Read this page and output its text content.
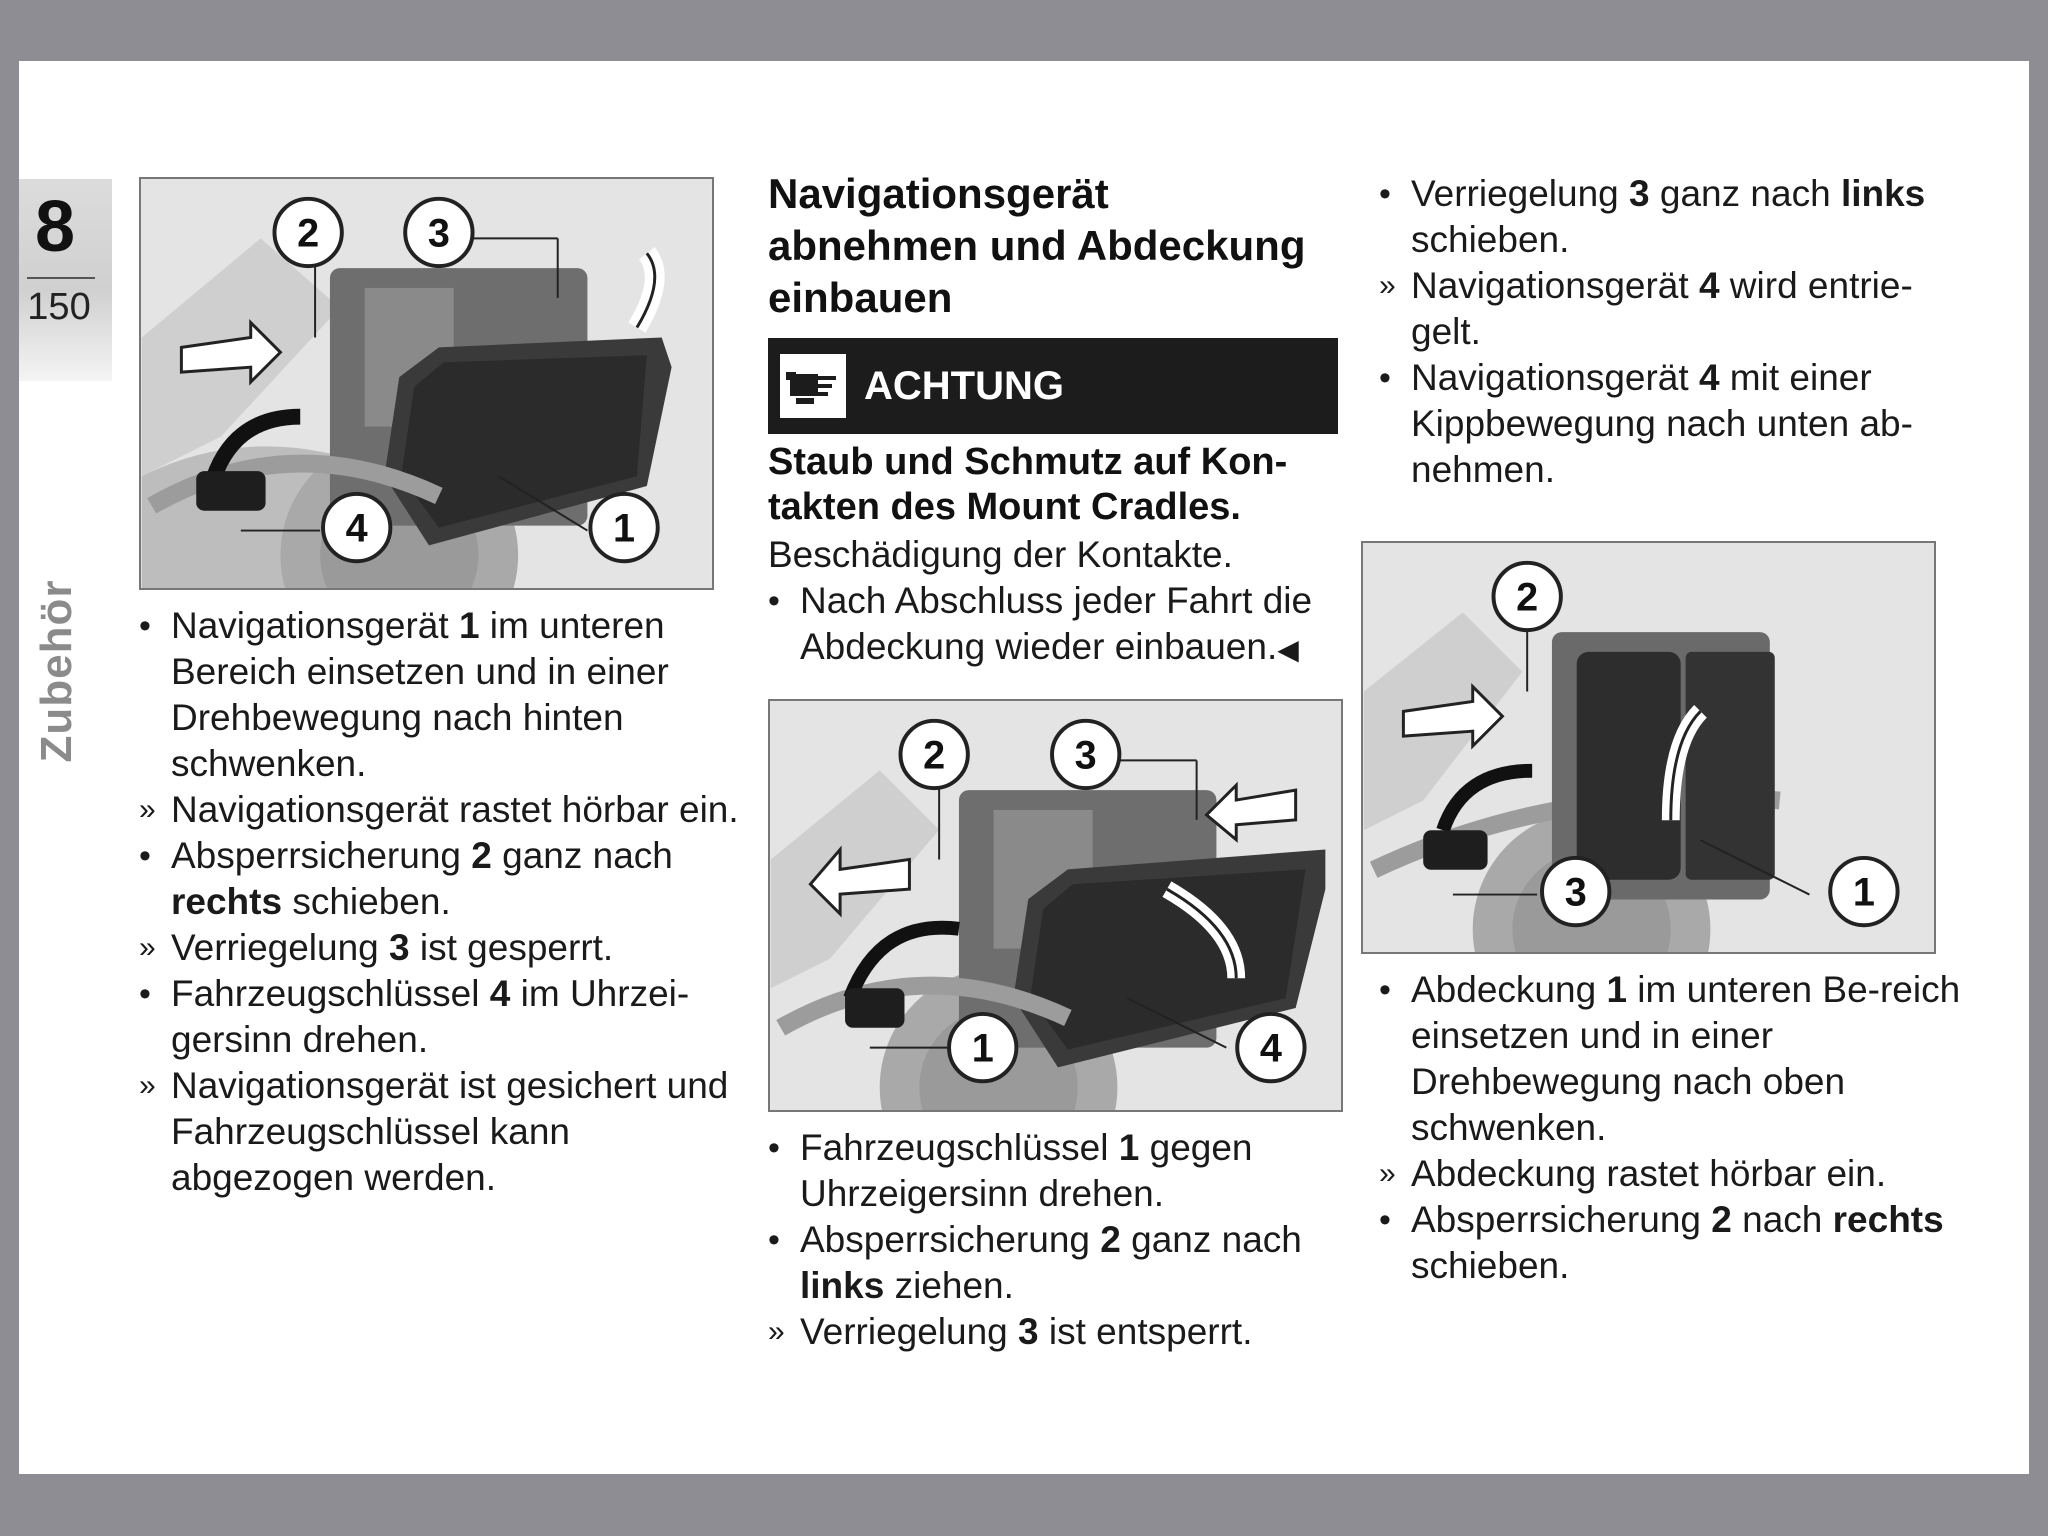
8
150
Zubehör
2	3
4	1
• Navigationsgerät 1 im unteren Bereich einsetzen und in einer Drehbewegung nach hinten schwenken.
» Navigationsgerät rastet hörbar ein.
• Absperrsicherung 2 ganz nach rechts schieben.
» Verriegelung 3 ist gesperrt.
• Fahrzeugschlüssel 4 im Uhrzei-gersinn drehen.
» Navigationsgerät ist gesichert und Fahrzeugschlüssel kann abgezogen werden.
Navigationsgerät abnehmen und Abdeckung einbauen
ACHTUNG
Staub und Schmutz auf Kon-takten des Mount Cradles.
Beschädigung der Kontakte.
• Nach Abschluss jeder Fahrt die Abdeckung wieder einbauen.◀
2	3
1	4
• Fahrzeugschlüssel 1 gegen Uhrzeigersinn drehen.
• Absperrsicherung 2 ganz nach links ziehen.
» Verriegelung 3 ist entsperrt.
• Verriegelung 3 ganz nach links schieben.
» Navigationsgerät 4 wird entrie-gelt.
• Navigationsgerät 4 mit einer Kippbewegung nach unten ab-nehmen.
2
3	1
• Abdeckung 1 im unteren Be-reich einsetzen und in einer Drehbewegung nach oben schwenken.
» Abdeckung rastet hörbar ein.
• Absperrsicherung 2 nach rechts schieben.
